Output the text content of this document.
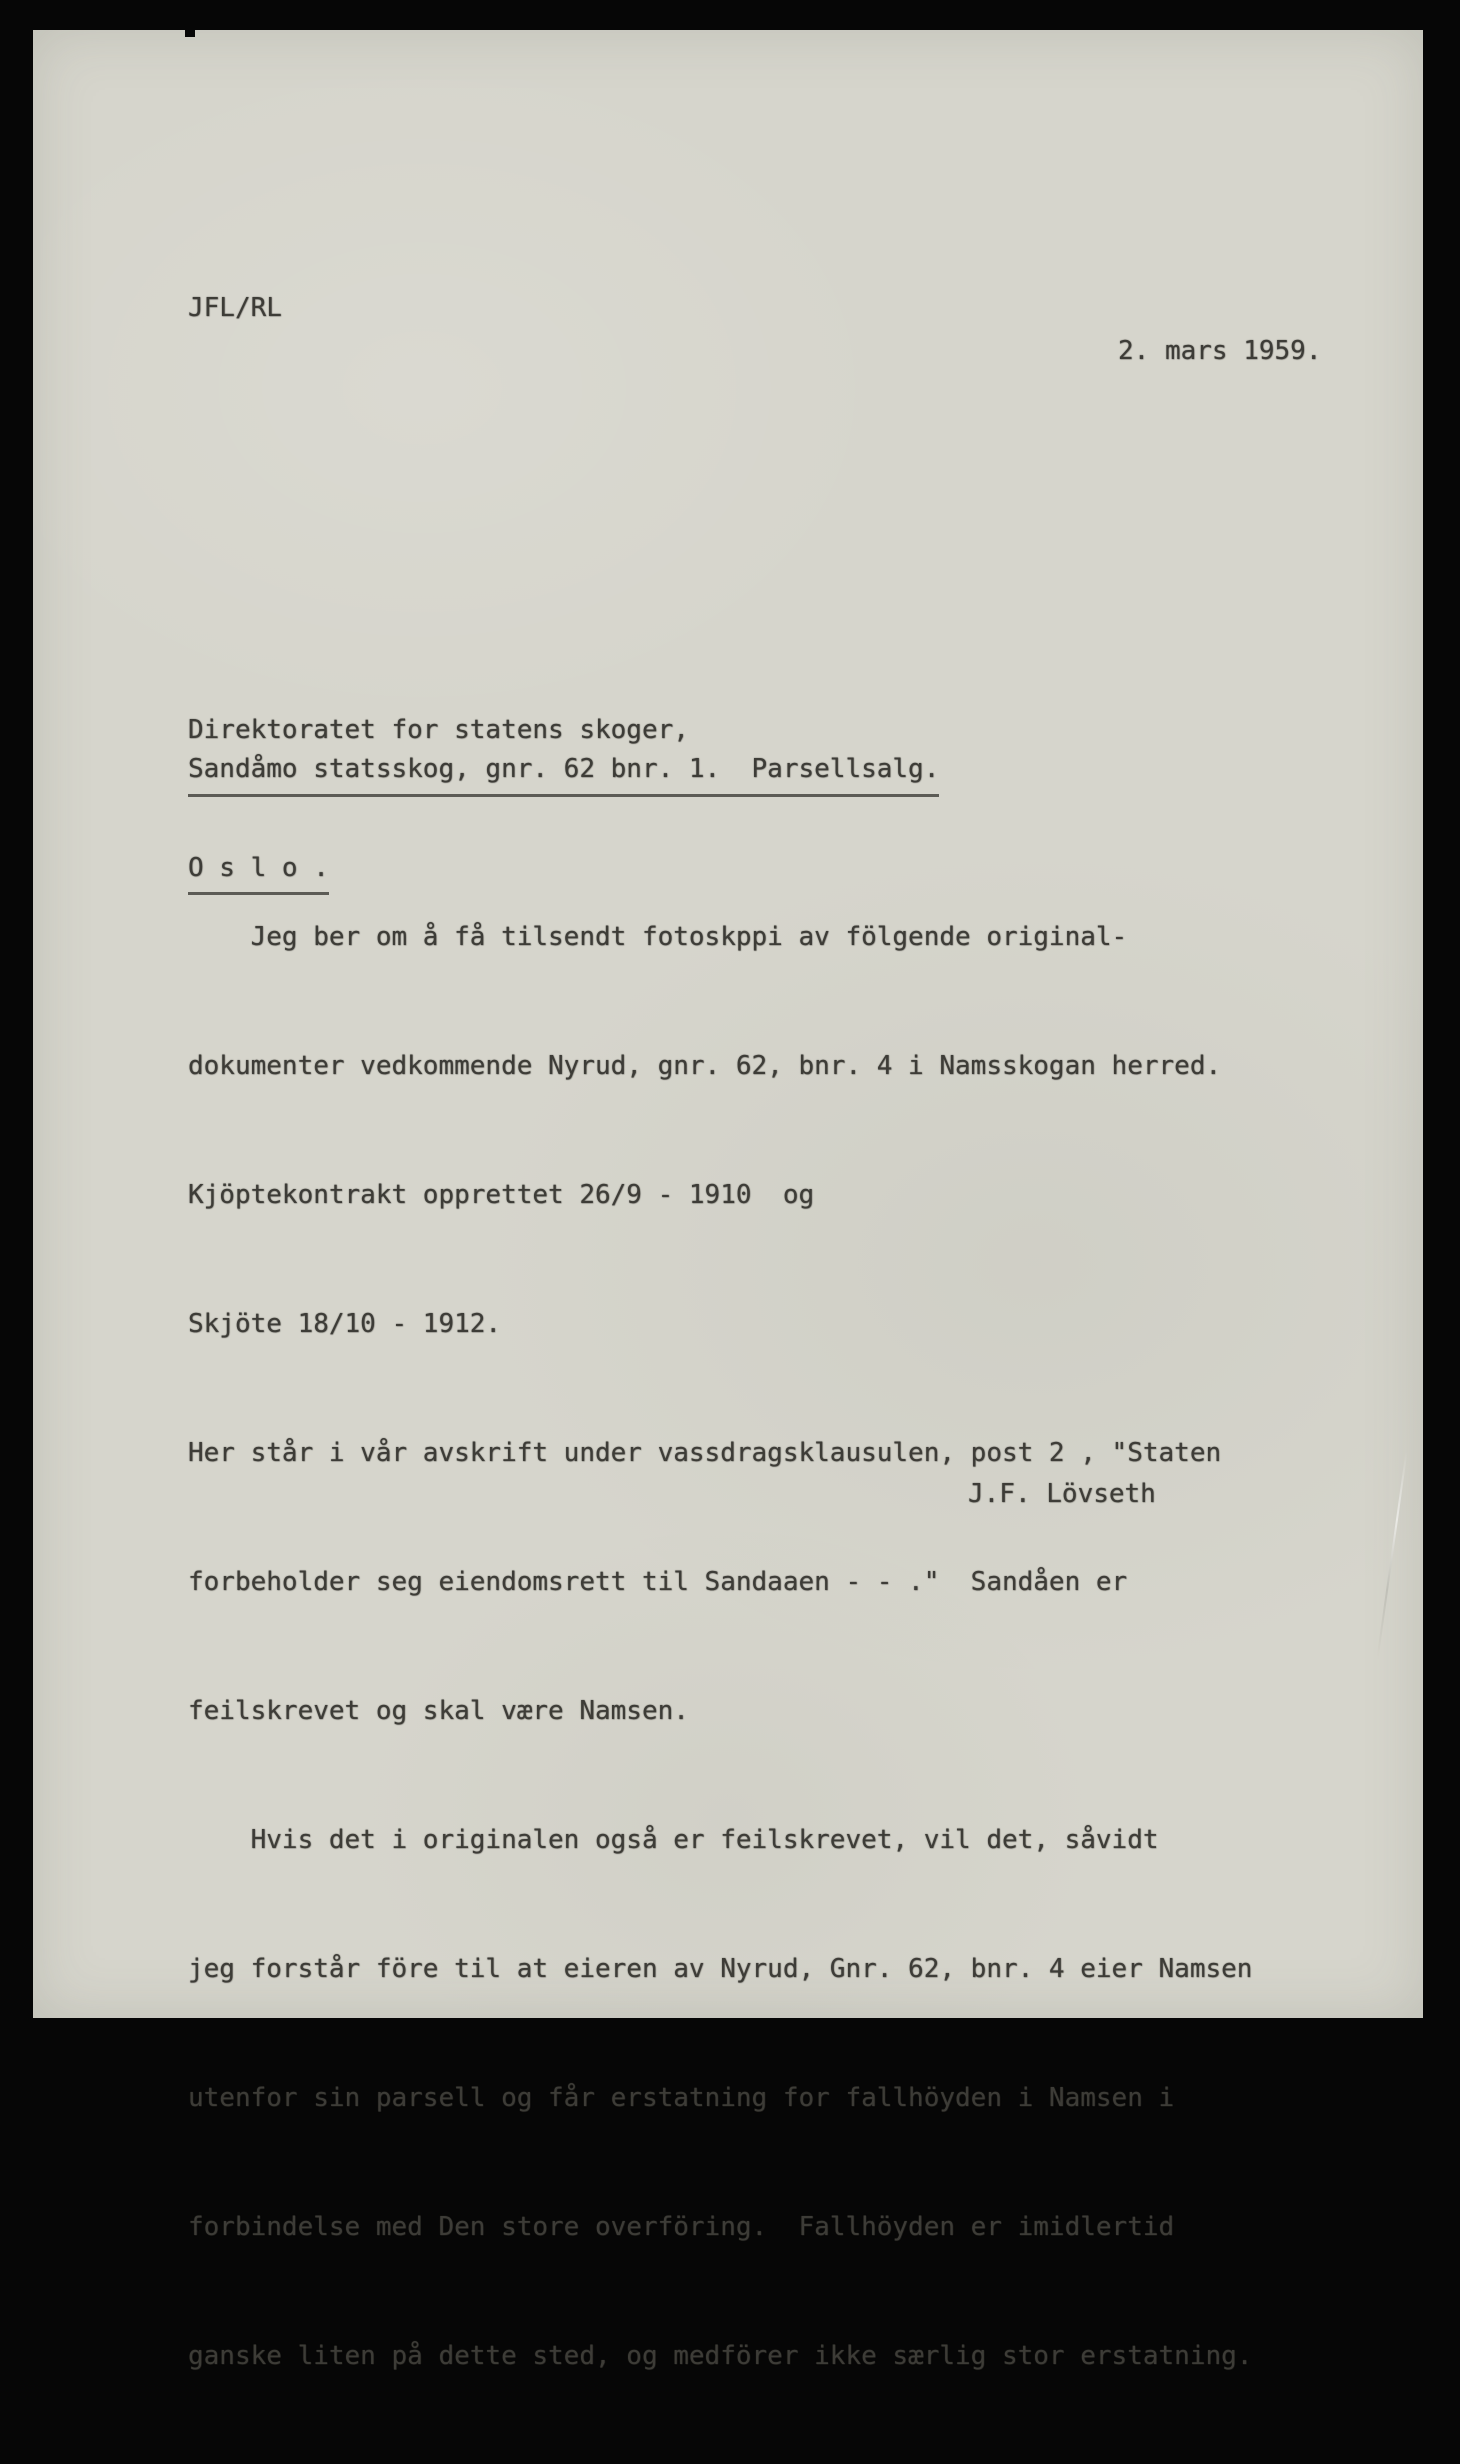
JFL/RL
2. mars 1959.

Direktoratet for statens skoger,

O s l o .

Sandåmo statsskog, gnr. 62 bnr. 1.  Parsellsalg.

Jeg ber om å få tilsendt fotoskppi av fölgende original-

dokumenter vedkommende Nyrud, gnr. 62, bnr. 4 i Namsskogan herred.

Kjöptekontrakt opprettet 26/9 - 1910  og

Skjöte 18/10 - 1912.

Her står i vår avskrift under vassdragsklausulen, post 2 , "Staten

forbeholder seg eiendomsrett til Sandaaen - - ."  Sandåen er

feilskrevet og skal være Namsen.

Hvis det i originalen også er feilskrevet, vil det, såvidt

jeg forstår före til at eieren av Nyrud, Gnr. 62, bnr. 4 eier Namsen

utenfor sin parsell og får erstatning for fallhöyden i Namsen i

forbindelse med Den store overföring.  Fallhöyden er imidlertid

ganske liten på dette sted, og medförer ikke særlig stor erstatning.

J.F. Lövseth
